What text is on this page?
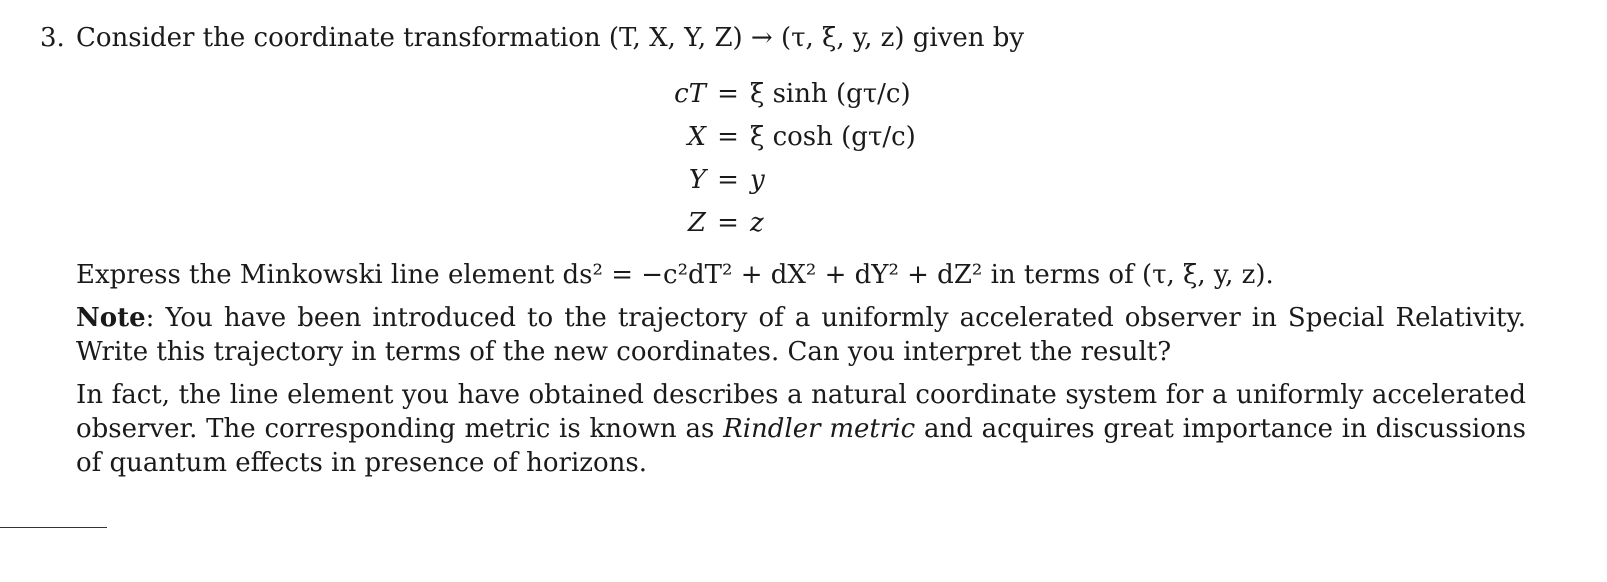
3. Consider the coordinate transformation (T, X, Y, Z) → (τ, ξ, y, z) given by
cT = ξ sinh (gτ/c)
X = ξ cosh (gτ/c)
Y = y
Z = z

Express the Minkowski line element ds² = −c²dT² + dX² + dY² + dZ² in terms of (τ, ξ, y, z).

Note: You have been introduced to the trajectory of a uniformly accelerated observer in Special Relativity. Write this trajectory in terms of the new coordinates. Can you interpret the result?

In fact, the line element you have obtained describes a natural coordinate system for a uniformly accelerated observer. The corresponding metric is known as Rindler metric and acquires great importance in discussions of quantum effects in presence of horizons.
